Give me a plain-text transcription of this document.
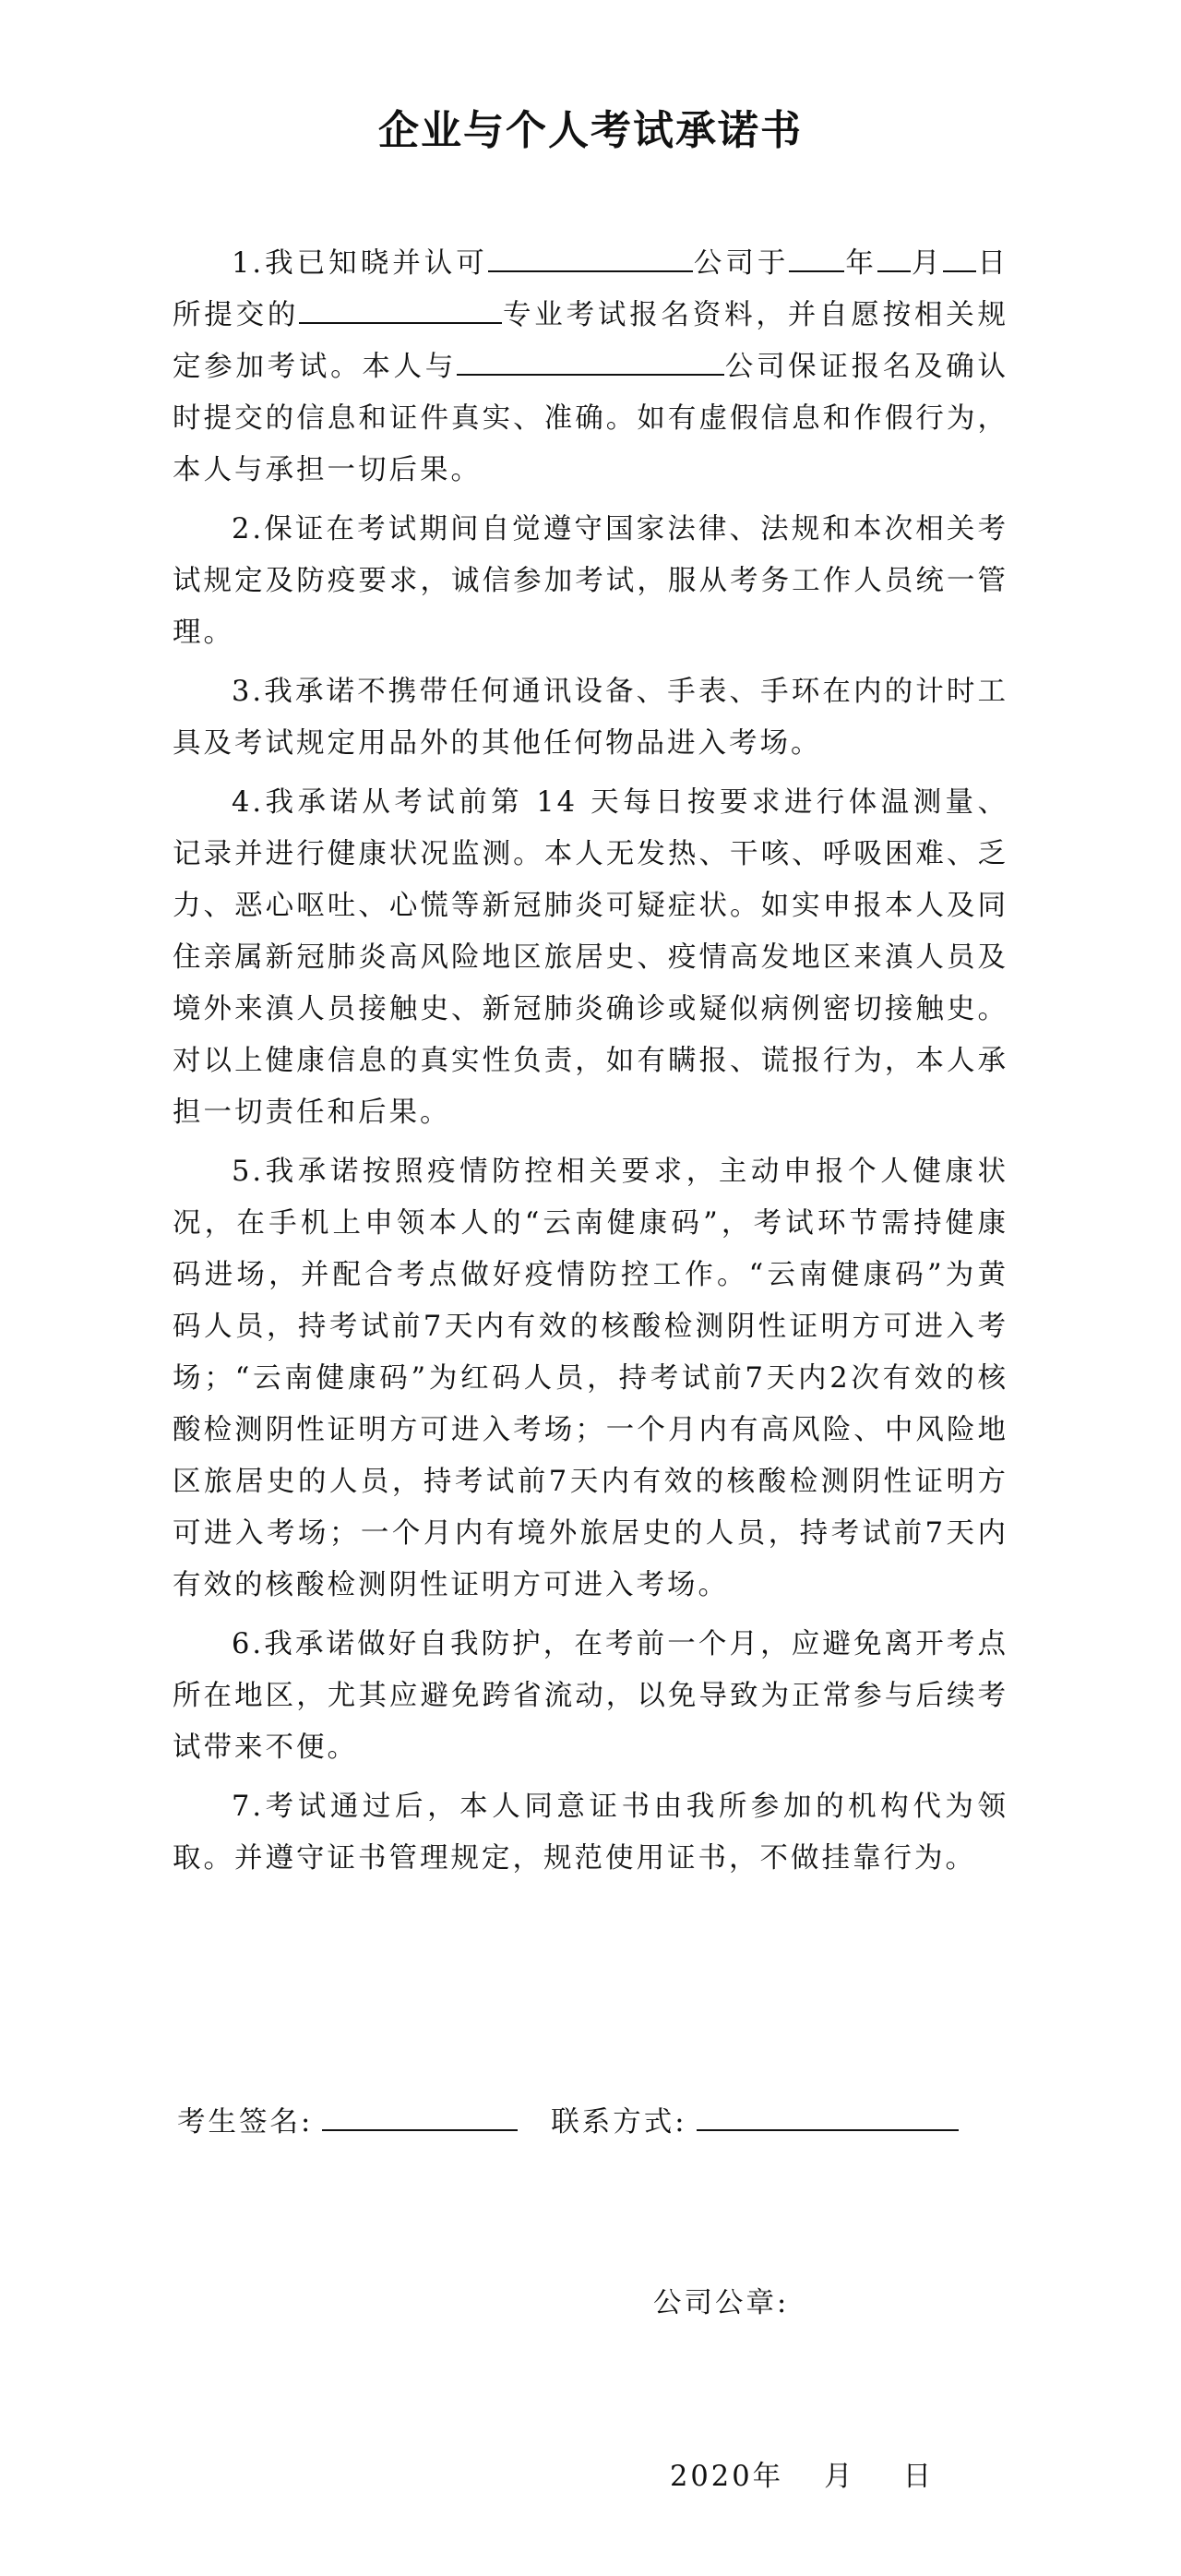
企业与个人考试承诺书

1.我已知晓并认可	公司于 年 月 日所提交的	专业考试报名资料，并自愿按相关规定参加考试。本人与	公司保证报名及确认时提交的信息和证件真实、准确。如有虚假信息和作假行为，本人与承担一切后果。

2.保证在考试期间自觉遵守国家法律、法规和本次相关考试规定及防疫要求，诚信参加考试，服从考务工作人员统一管理。

3.我承诺不携带任何通讯设备、手表、手环在内的计时工具及考试规定用品外的其他任何物品进入考场。

4.我承诺从考试前第 14 天每日按要求进行体温测量、记录并进行健康状况监测。本人无发热、干咳、呼吸困难、乏力、恶心呕吐、心慌等新冠肺炎可疑症状。如实申报本人及同住亲属新冠肺炎高风险地区旅居史、疫情高发地区来滇人员及境外来滇人员接触史、新冠肺炎确诊或疑似病例密切接触史。对以上健康信息的真实性负责，如有瞒报、谎报行为，本人承担一切责任和后果。

5.我承诺按照疫情防控相关要求，主动申报个人健康状况，在手机上申领本人的“云南健康码”，考试环节需持健康码进场，并配合考点做好疫情防控工作。“云南健康码”为黄码人员，持考试前7天内有效的核酸检测阴性证明方可进入考场；“云南健康码”为红码人员，持考试前7天内2次有效的核酸检测阴性证明方可进入考场；一个月内有高风险、中风险地区旅居史的人员，持考试前7天内有效的核酸检测阴性证明方可进入考场；一个月内有境外旅居史的人员，持考试前7天内有效的核酸检测阴性证明方可进入考场。

6.我承诺做好自我防护，在考前一个月，应避免离开考点所在地区，尤其应避免跨省流动，以免导致为正常参与后续考试带来不便。

7.考试通过后，本人同意证书由我所参加的机构代为领取。并遵守证书管理规定，规范使用证书，不做挂靠行为。

考生签名:	联系方式:
公司公章:
2020年 月 日
